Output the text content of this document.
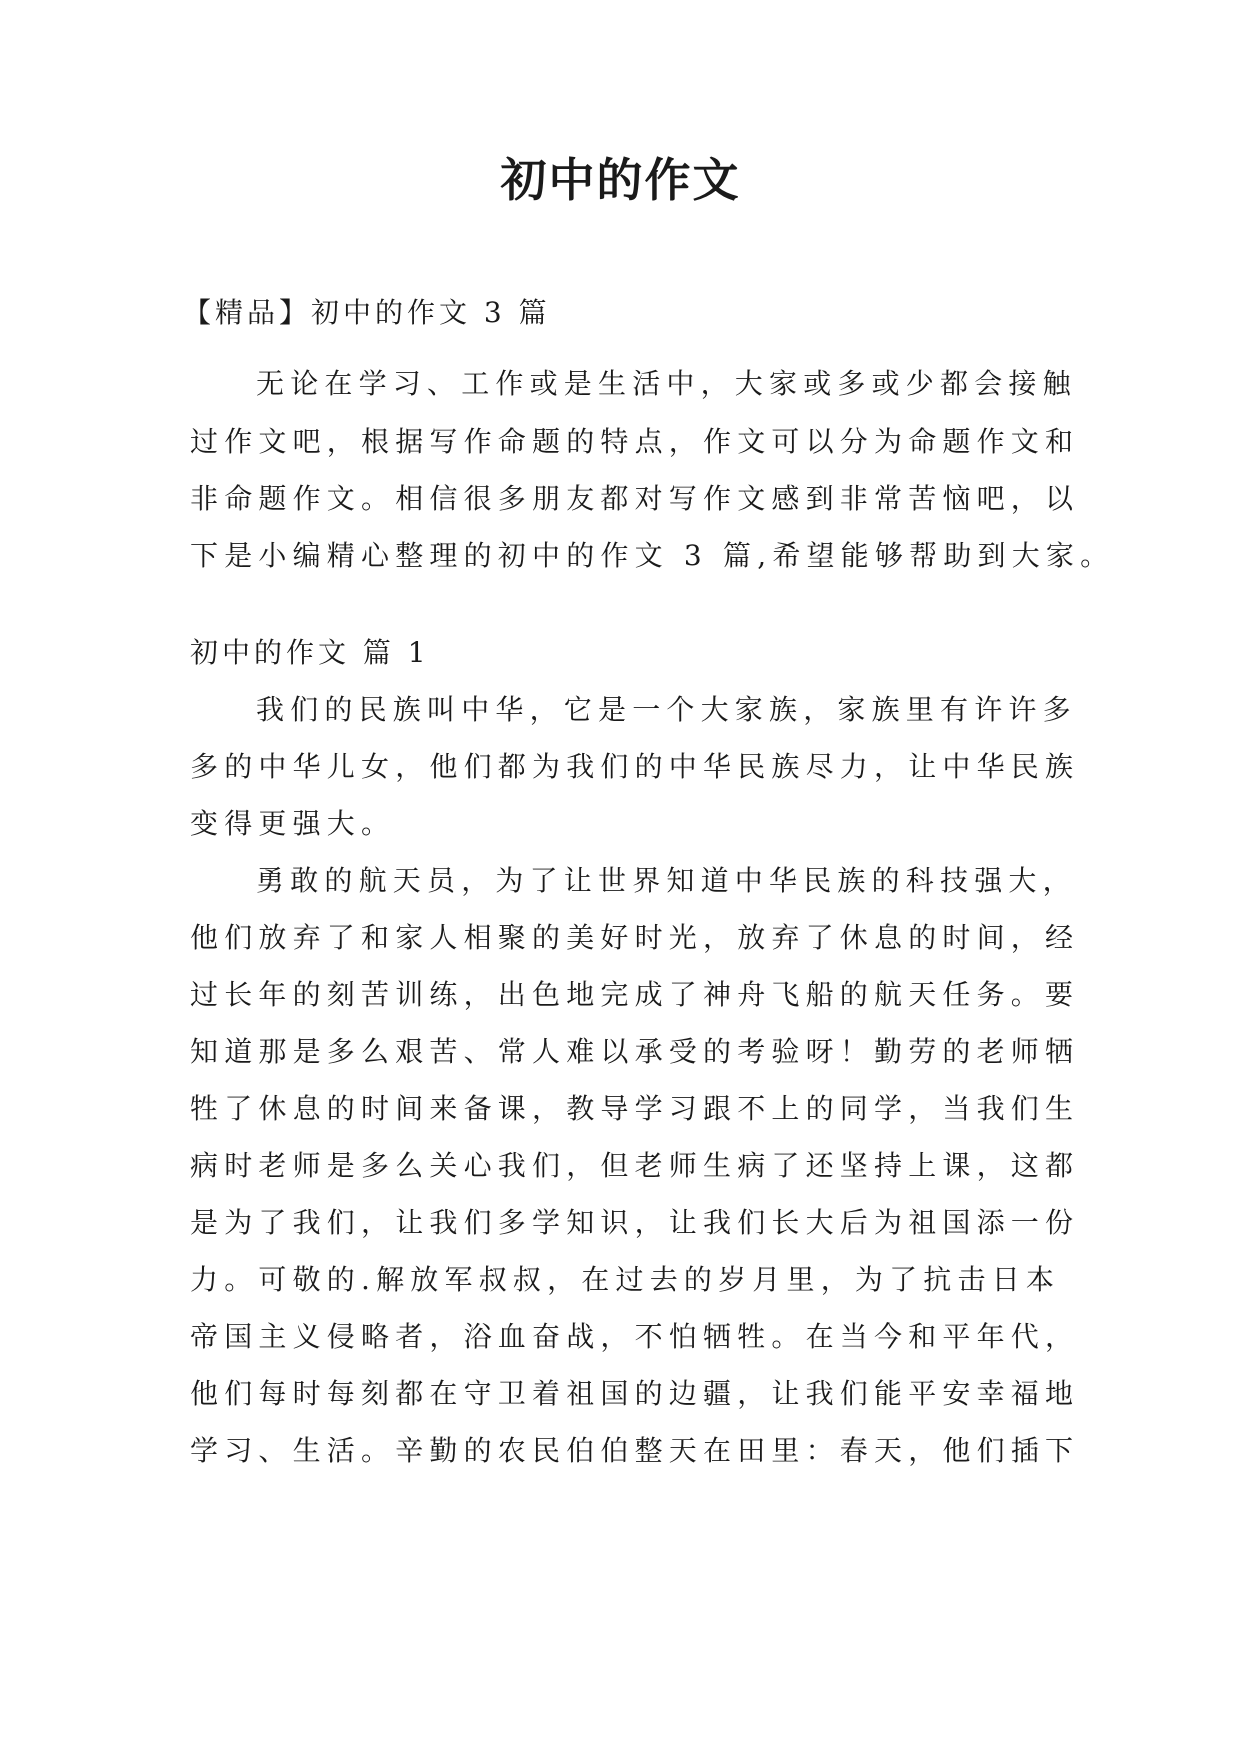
初中的作文
【精品】初中的作文 3 篇
无论在学习、工作或是生活中，大家或多或少都会接触
过作文吧，根据写作命题的特点，作文可以分为命题作文和
非命题作文。相信很多朋友都对写作文感到非常苦恼吧，以
下是小编精心整理的初中的作文 3 篇,希望能够帮助到大家。
初中的作文 篇 1
我们的民族叫中华，它是一个大家族，家族里有许许多
多的中华儿女，他们都为我们的中华民族尽力，让中华民族
变得更强大。
勇敢的航天员，为了让世界知道中华民族的科技强大，
他们放弃了和家人相聚的美好时光，放弃了休息的时间，经
过长年的刻苦训练，出色地完成了神舟飞船的航天任务。要
知道那是多么艰苦、常人难以承受的考验呀！勤劳的老师牺
牲了休息的时间来备课，教导学习跟不上的同学，当我们生
病时老师是多么关心我们，但老师生病了还坚持上课，这都
是为了我们，让我们多学知识，让我们长大后为祖国添一份
力。可敬的.解放军叔叔，在过去的岁月里，为了抗击日本
帝国主义侵略者，浴血奋战，不怕牺牲。在当今和平年代，
他们每时每刻都在守卫着祖国的边疆，让我们能平安幸福地
学习、生活。辛勤的农民伯伯整天在田里：春天，他们插下
